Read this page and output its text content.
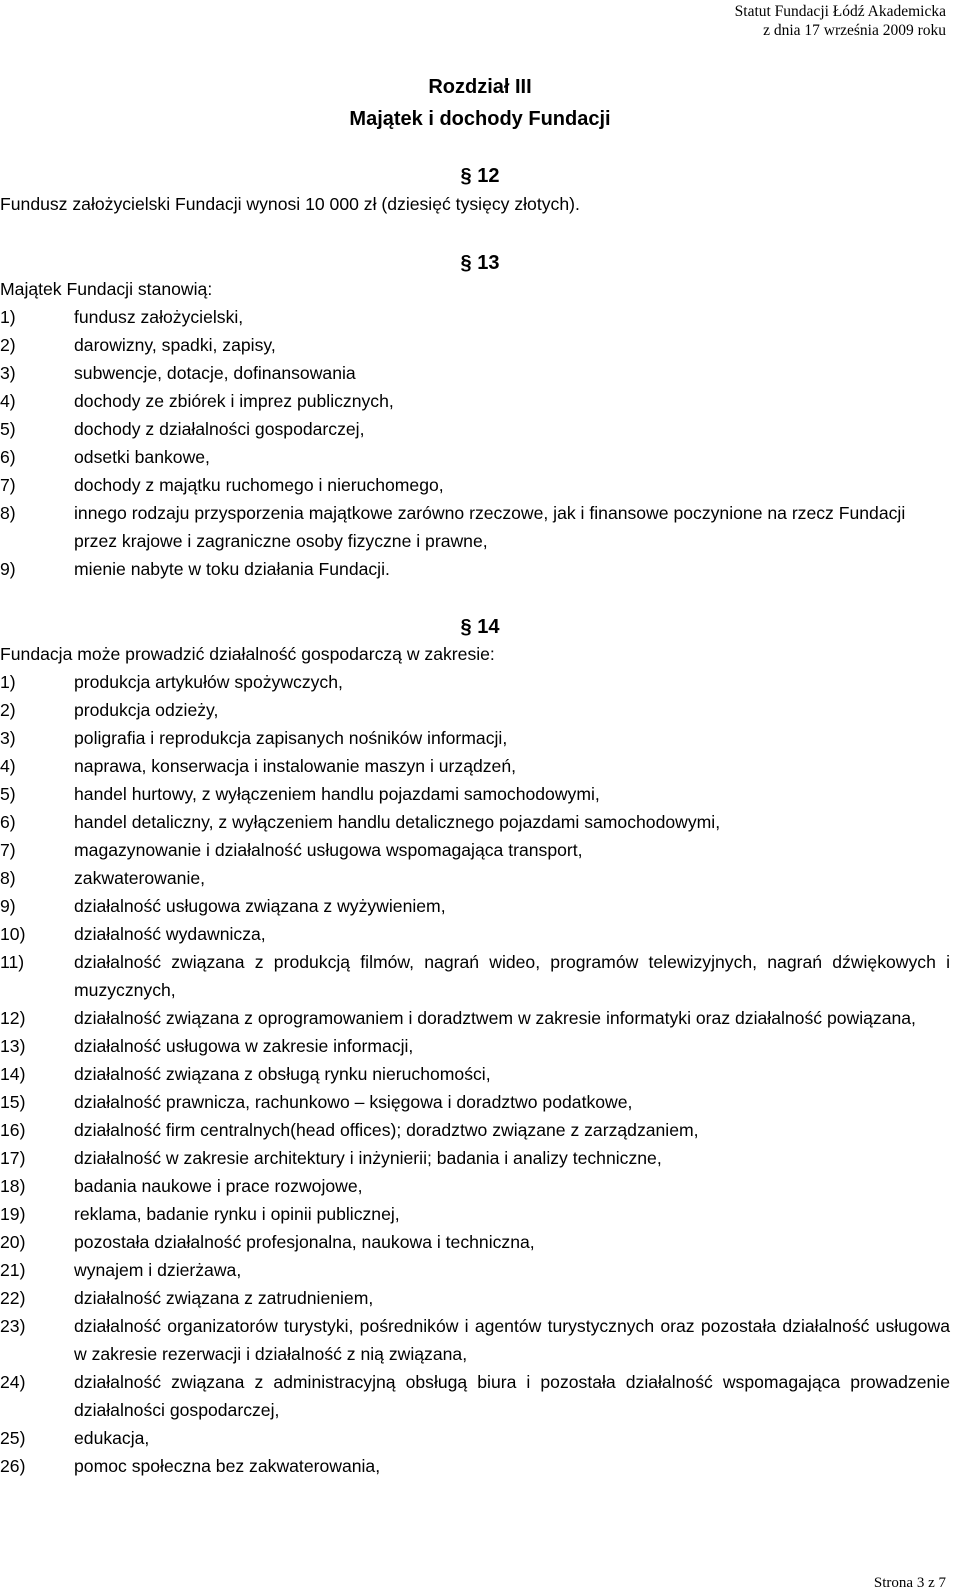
Statut Fundacji Łódź Akademicka
z dnia 17 września 2009 roku
Rozdział III
Majątek i dochody Fundacji
§ 12
Fundusz założycielski Fundacji wynosi 10 000 zł (dziesięć tysięcy złotych).
§ 13
Majątek Fundacji stanowią:
1)	fundusz założycielski,
2)	darowizny, spadki, zapisy,
3)	subwencje, dotacje, dofinansowania
4)	dochody ze zbiórek i imprez publicznych,
5)	dochody z działalności gospodarczej,
6)	odsetki bankowe,
7)	dochody z majątku ruchomego i nieruchomego,
8)	innego rodzaju przysporzenia majątkowe zarówno rzeczowe, jak i finansowe poczynione na rzecz Fundacji przez krajowe i zagraniczne osoby fizyczne i prawne,
9)	mienie nabyte w toku działania Fundacji.
§ 14
Fundacja może prowadzić działalność gospodarczą w zakresie:
1)	produkcja artykułów spożywczych,
2)	produkcja odzieży,
3)	poligrafia i reprodukcja zapisanych nośników informacji,
4)	naprawa, konserwacja i instalowanie maszyn i urządzeń,
5)	handel hurtowy, z wyłączeniem handlu pojazdami samochodowymi,
6)	handel detaliczny, z wyłączeniem handlu detalicznego pojazdami samochodowymi,
7)	magazynowanie i działalność usługowa wspomagająca transport,
8)	zakwaterowanie,
9)	działalność usługowa związana z wyżywieniem,
10)	działalność wydawnicza,
11)	działalność związana z produkcją filmów, nagrań wideo, programów telewizyjnych, nagrań dźwiękowych i muzycznych,
12)	działalność związana z oprogramowaniem i doradztwem w zakresie informatyki oraz działalność powiązana,
13)	działalność usługowa w zakresie informacji,
14)	działalność związana z obsługą rynku nieruchomości,
15)	działalność prawnicza, rachunkowo – księgowa i doradztwo podatkowe,
16)	działalność firm centralnych(head offices); doradztwo związane z zarządzaniem,
17)	działalność w zakresie architektury i inżynierii; badania i analizy techniczne,
18)	badania naukowe i prace rozwojowe,
19)	reklama, badanie rynku i opinii publicznej,
20)	pozostała działalność profesjonalna, naukowa i techniczna,
21)	wynajem i dzierżawa,
22)	działalność związana z zatrudnieniem,
23)	działalność organizatorów turystyki, pośredników i agentów turystycznych oraz pozostała działalność usługowa w zakresie rezerwacji i działalność z nią związana,
24)	działalność związana z administracyjną obsługą biura i pozostała działalność wspomagająca prowadzenie działalności gospodarczej,
25)	edukacja,
26)	pomoc społeczna bez zakwaterowania,
Strona 3 z 7
